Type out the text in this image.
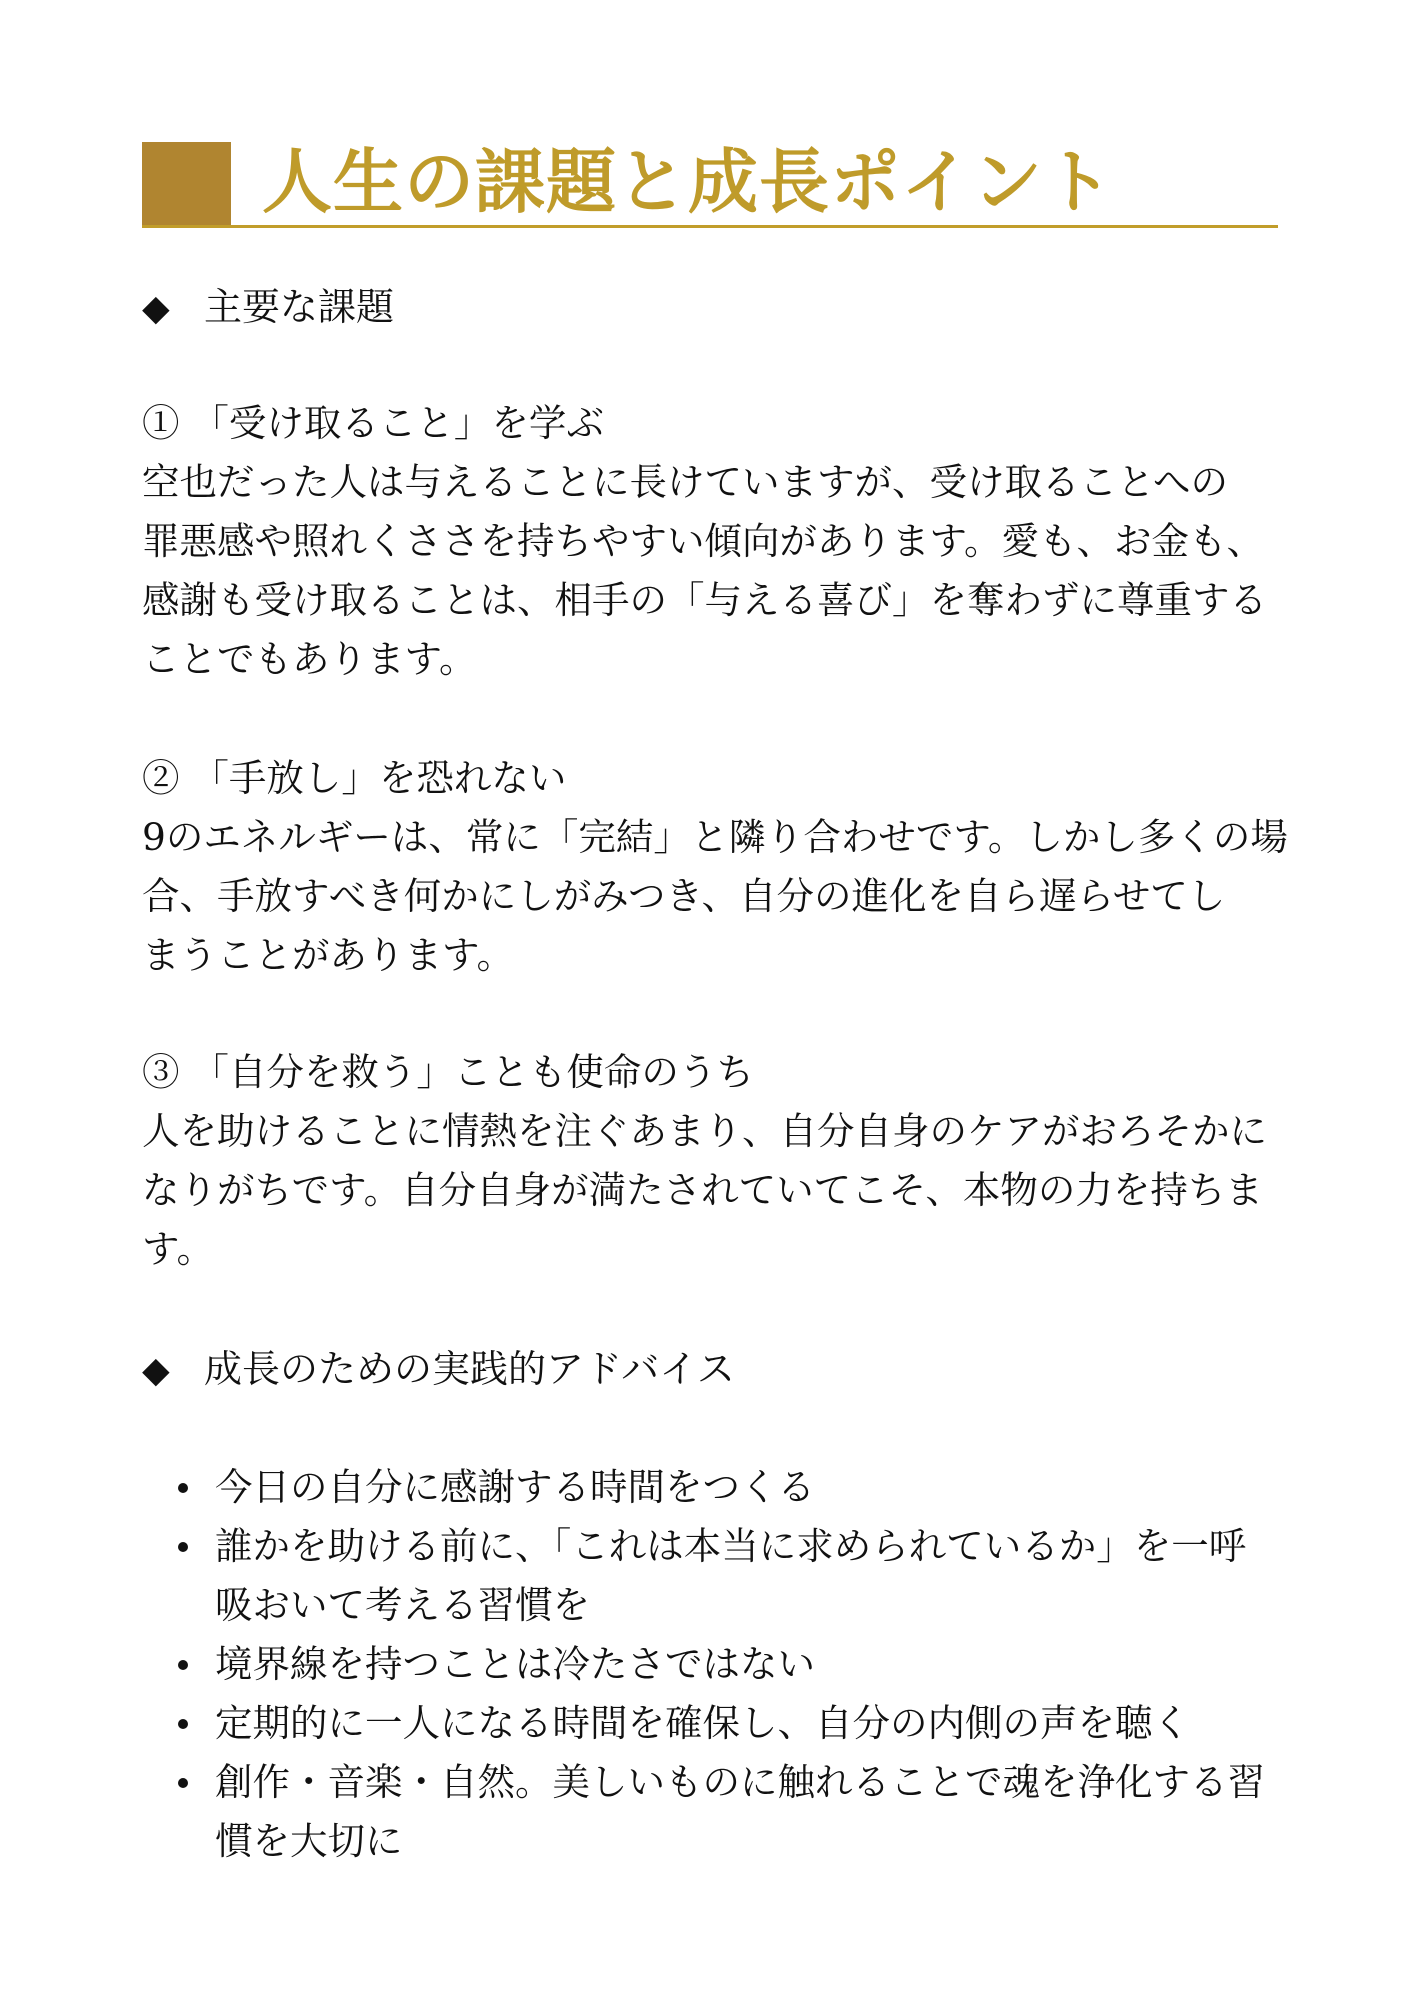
人生の課題と成長ポイント
◆ 主要な課題
① 「受け取ること」を学ぶ
空也だった人は与えることに長けていますが、受け取ることへの
罪悪感や照れくささを持ちやすい傾向があります。愛も、お金も、
感謝も受け取ることは、相手の「与える喜び」を奪わずに尊重する
ことでもあります。
② 「手放し」を恐れない
9のエネルギーは、常に「完結」と隣り合わせです。しかし多くの場
合、手放すべき何かにしがみつき、自分の進化を自ら遅らせてし
まうことがあります。
③ 「自分を救う」ことも使命のうち
人を助けることに情熱を注ぐあまり、自分自身のケアがおろそかに
なりがちです。自分自身が満たされていてこそ、本物の力を持ちま
す。
◆ 成長のための実践的アドバイス
今日の自分に感謝する時間をつくる
誰かを助ける前に、「これは本当に求められているか」を一呼
吸おいて考える習慣を
境界線を持つことは冷たさではない
定期的に一人になる時間を確保し、自分の内側の声を聴く
創作・音楽・自然。美しいものに触れることで魂を浄化する習
慣を大切に
